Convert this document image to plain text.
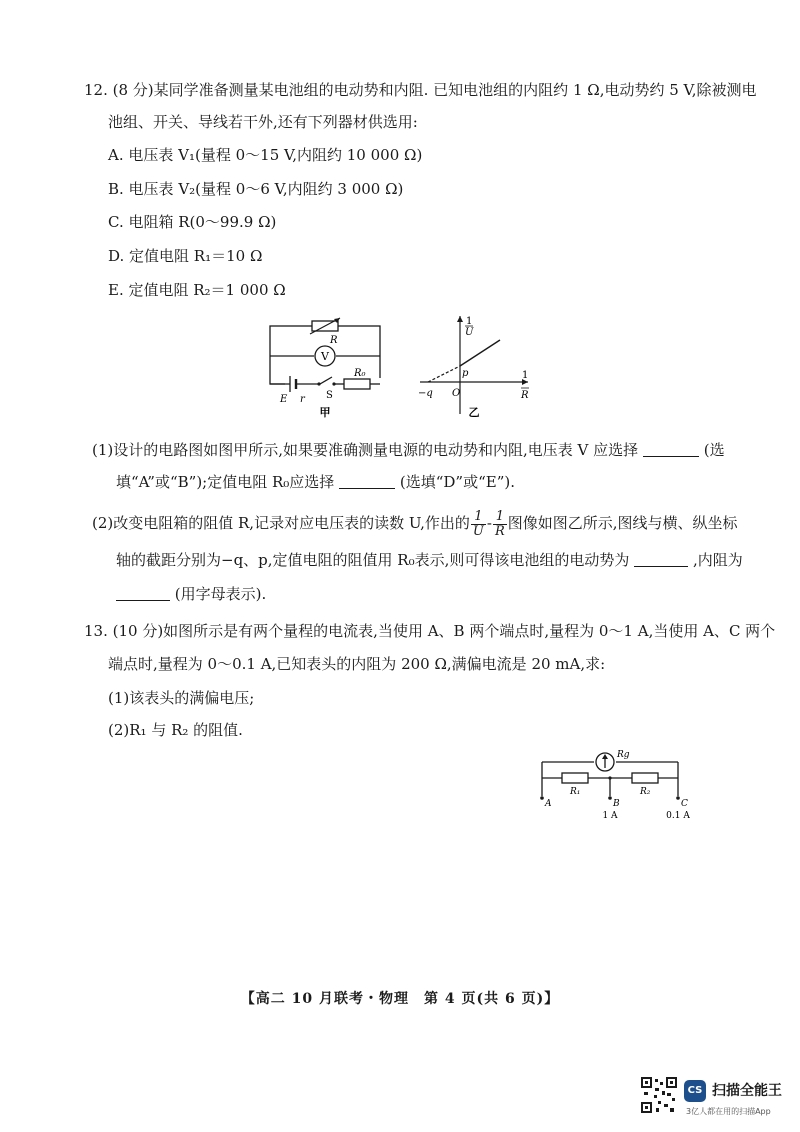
12. (8 分)某同学准备测量某电池组的电动势和内阻. 已知电池组的内阻约 1 Ω,电动势约 5 V,除被测电
池组、开关、导线若干外,还有下列器材供选用:
A. 电压表 V₁(量程 0～15 V,内阻约 10 000 Ω)
B. 电压表 V₂(量程 0～6 V,内阻约 3 000 Ω)
C. 电阻箱 R(0～99.9 Ω)
D. 定值电阻 R₁＝10 Ω
E. 定值电阻 R₂＝1 000 Ω
V
R
R₀
E r S
甲
1
U
1
R
−q O
p
乙
(1)设计的电路图如图甲所示,如果要准确测量电源的电动势和内阻,电压表 V 应选择	(选
填“A”或“B”);定值电阻 R₀应选择	(选填“D”或“E”).
(2)改变电阻箱的阻值 R,记录对应电压表的读数 U,作出的 $\frac{1}{U} - \frac{1}{R}$ 图像如图乙所示,图线与横、纵坐标
轴的截距分别为−q、p,定值电阻的阻值用 R₀表示,则可得该电池组的电动势为	,内阻为
(用字母表示).
13. (10 分)如图所示是有两个量程的电流表,当使用 A、B 两个端点时,量程为 0～1 A,当使用 A、C 两个
端点时,量程为 0～0.1 A,已知表头的内阻为 200 Ω,满偏电流是 20 mA,求:
(1)该表头的满偏电压;
(2)R₁ 与 R₂ 的阻值.
Rg
R₁	R₂
A	B	C
1 A	0.1 A
【高二 10 月联考・物理　第 4 页(共 6 页)】
CS 扫描全能王
3亿人都在用的扫描App
